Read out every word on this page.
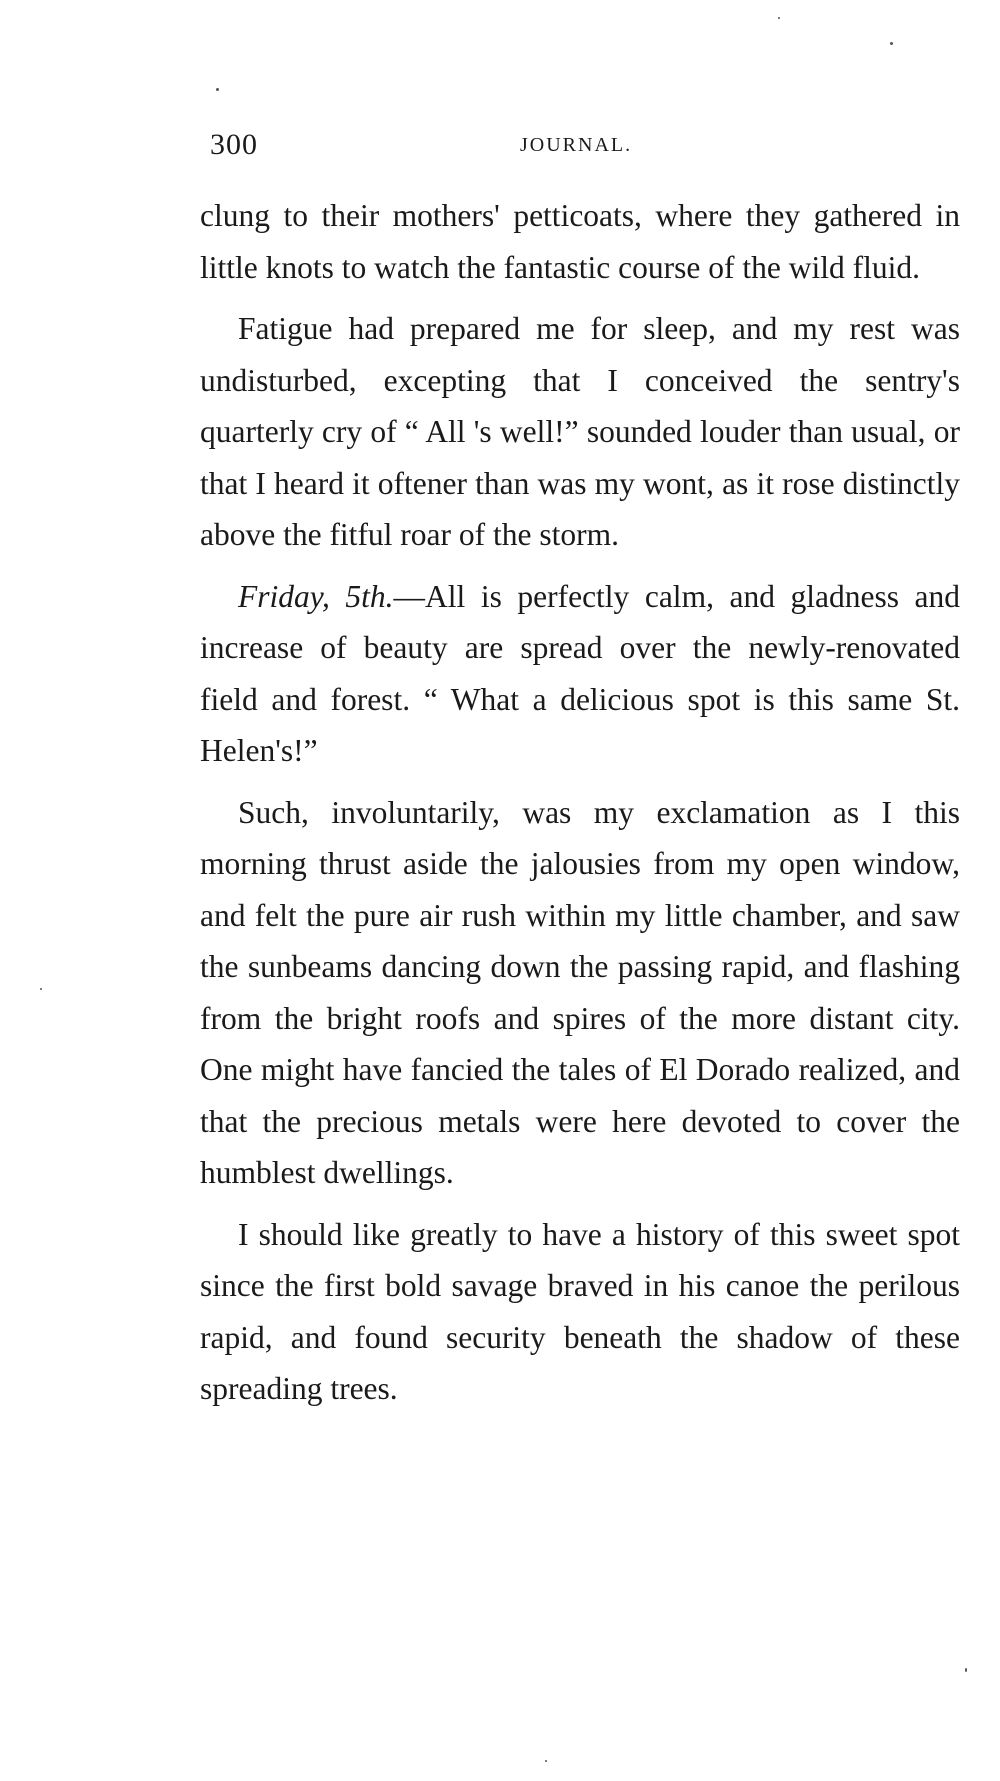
300	JOURNAL.

clung to their mothers' petticoats, where they gathered in little knots to watch the fantastic course of the wild fluid.

Fatigue had prepared me for sleep, and my rest was undisturbed, excepting that I conceived the sentry's quarterly cry of “ All 's well!” sounded louder than usual, or that I heard it oftener than was my wont, as it rose distinctly above the fitful roar of the storm.

Friday, 5th.—All is perfectly calm, and gladness and increase of beauty are spread over the newly-renovated field and forest. “ What a delicious spot is this same St. Helen's!”

Such, involuntarily, was my exclamation as I this morning thrust aside the jalousies from my open window, and felt the pure air rush within my little chamber, and saw the sunbeams dancing down the passing rapid, and flashing from the bright roofs and spires of the more distant city. One might have fancied the tales of El Dorado realized, and that the precious metals were here devoted to cover the humblest dwellings.

I should like greatly to have a history of this sweet spot since the first bold savage braved in his canoe the perilous rapid, and found security beneath the shadow of these spreading trees.
